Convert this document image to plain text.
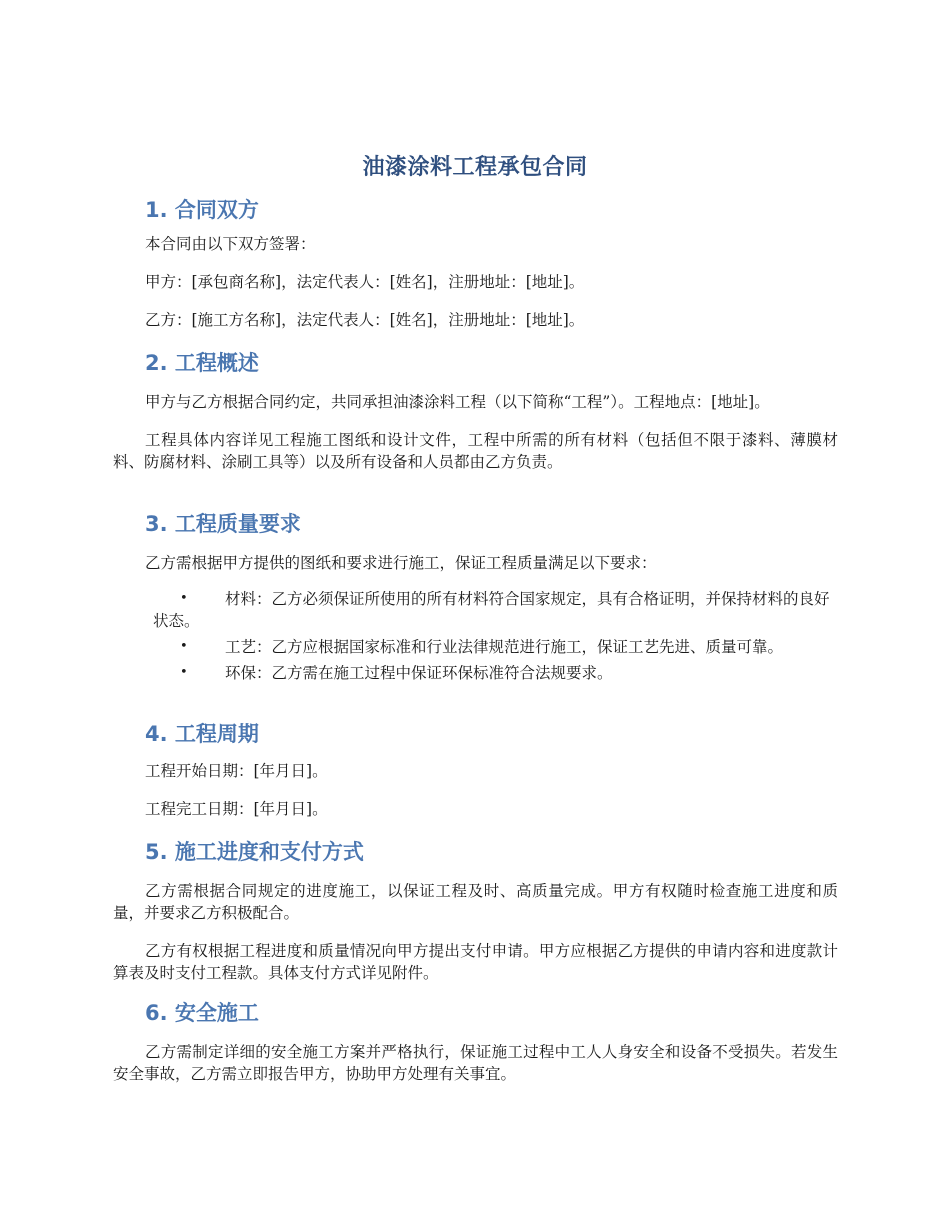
油漆涂料工程承包合同
1. 合同双方

本合同由以下双方签署：

甲方：[承包商名称]，法定代表人：[姓名]，注册地址：[地址]。

乙方：[施工方名称]，法定代表人：[姓名]，注册地址：[地址]。

2. 工程概述

甲方与乙方根据合同约定，共同承担油漆涂料工程（以下简称“工程”）。工程地点：[地址]。

工程具体内容详见工程施工图纸和设计文件，工程中所需的所有材料（包括但不限于漆料、薄膜材料、防腐材料、涂刷工具等）以及所有设备和人员都由乙方负责。

3. 工程质量要求

乙方需根据甲方提供的图纸和要求进行施工，保证工程质量满足以下要求：

• 材料：乙方必须保证所使用的所有材料符合国家规定，具有合格证明，并保持材料的良好状态。
• 工艺：乙方应根据国家标准和行业法律规范进行施工，保证工艺先进、质量可靠。
• 环保：乙方需在施工过程中保证环保标准符合法规要求。
4. 工程周期

工程开始日期：[年月日]。

工程完工日期：[年月日]。

5. 施工进度和支付方式

乙方需根据合同规定的进度施工，以保证工程及时、高质量完成。甲方有权随时检查施工进度和质量，并要求乙方积极配合。

乙方有权根据工程进度和质量情况向甲方提出支付申请。甲方应根据乙方提供的申请内容和进度款计算表及时支付工程款。具体支付方式详见附件。

6. 安全施工

乙方需制定详细的安全施工方案并严格执行，保证施工过程中工人人身安全和设备不受损失。若发生安全事故，乙方需立即报告甲方，协助甲方处理有关事宜。
